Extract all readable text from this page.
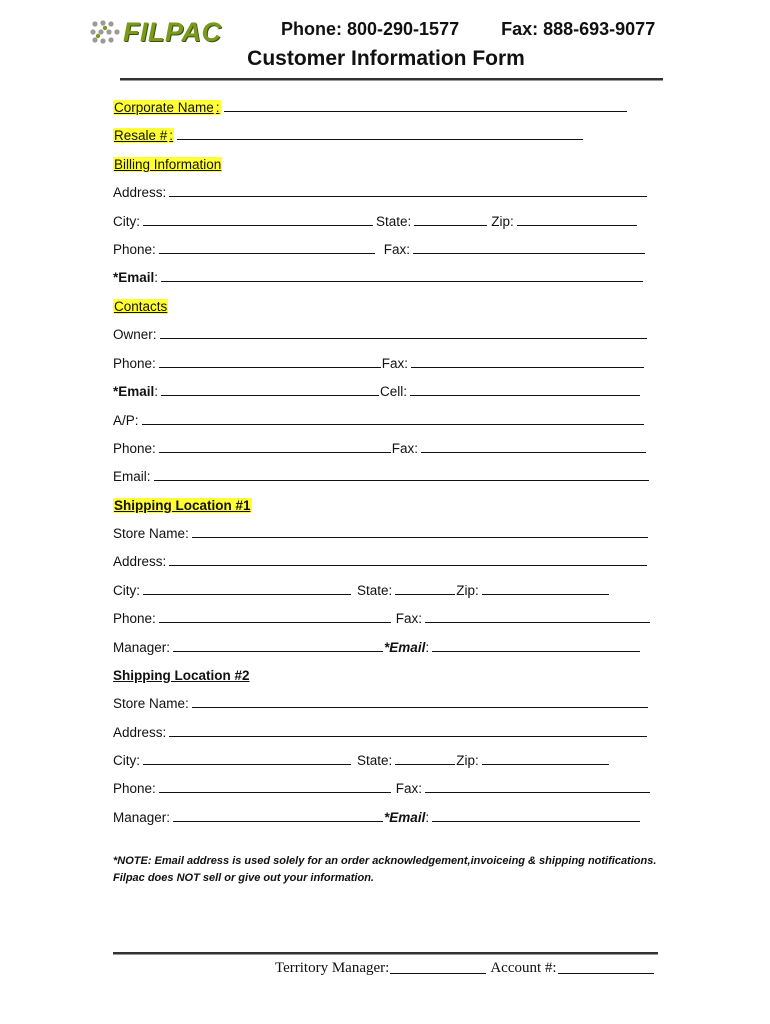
FILPAC	Phone: 800-290-1577 Fax: 888-693-9077
Customer Information Form
Corporate Name :
Resale # :
Billing Information
Address:
City:	State:	Zip:
Phone:	Fax:
*Email:
Contacts
Owner:
Phone:	Fax:
*Email:	Cell:
A/P:
Phone:	Fax:
Email:
Shipping Location #1
Store Name:
Address:
City:	State:	Zip:
Phone:	Fax:
Manager:	*Email:
Shipping Location #2
Store Name:
Address:
City:	State:	Zip:
Phone:	Fax:
Manager:	*Email:
*NOTE: Email address is used solely for an order acknowledgement,invoiceing & shipping notifications.
Filpac does NOT sell or give out your information.
Territory Manager:	Account #:
